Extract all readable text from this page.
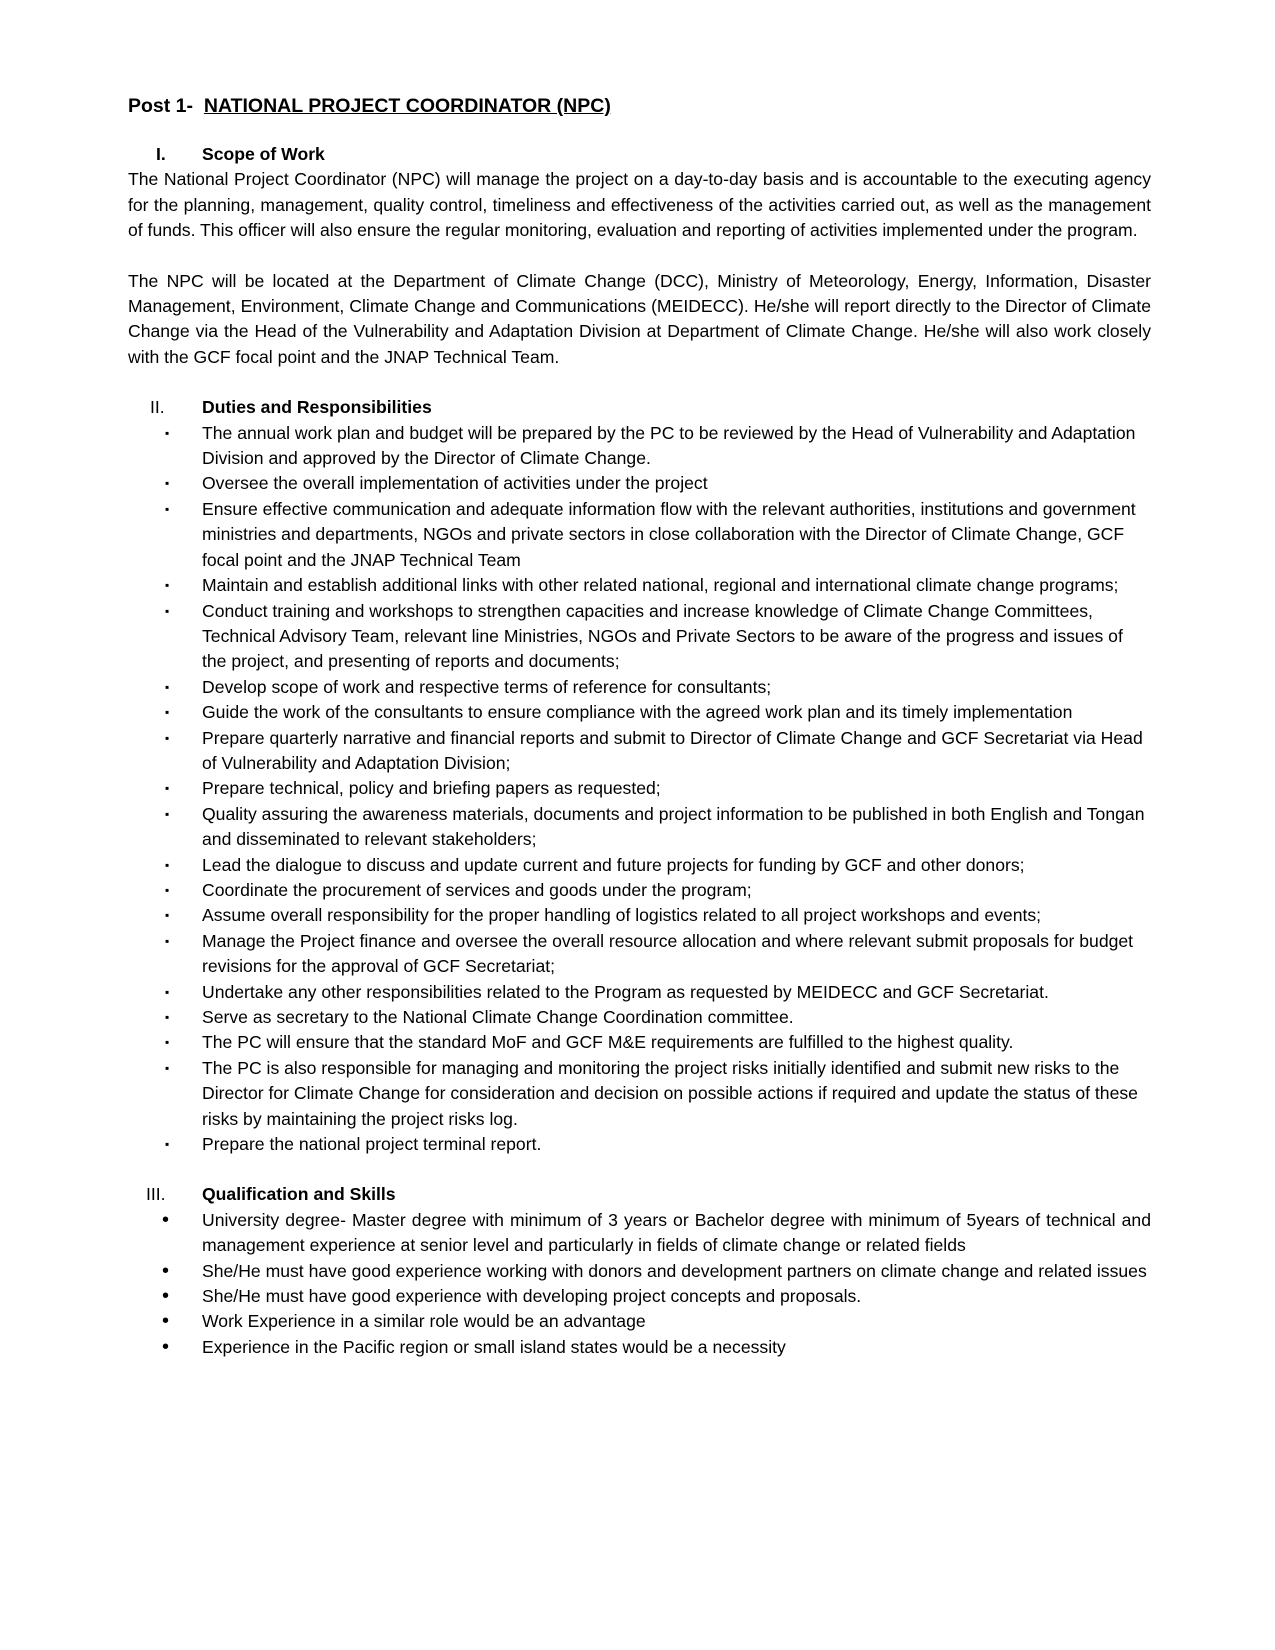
Post 1- NATIONAL PROJECT COORDINATOR (NPC)
I.	Scope of Work

The National Project Coordinator (NPC) will manage the project on a day-to-day basis and is accountable to the executing agency for the planning, management, quality control, timeliness and effectiveness of the activities carried out, as well as the management of funds. This officer will also ensure the regular monitoring, evaluation and reporting of activities implemented under the program.

The NPC will be located at the Department of Climate Change (DCC), Ministry of Meteorology, Energy, Information, Disaster Management, Environment, Climate Change and Communications (MEIDECC). He/she will report directly to the Director of Climate Change via the Head of the Vulnerability and Adaptation Division at Department of Climate Change. He/she will also work closely with the GCF focal point and the JNAP Technical Team.

II.	Duties and Responsibilities
▪	The annual work plan and budget will be prepared by the PC to be reviewed by the Head of Vulnerability and Adaptation Division and approved by the Director of Climate Change.
▪	Oversee the overall implementation of activities under the project
▪	Ensure effective communication and adequate information flow with the relevant authorities, institutions and government ministries and departments, NGOs and private sectors in close collaboration with the Director of Climate Change, GCF focal point and the JNAP Technical Team
▪	Maintain and establish additional links with other related national, regional and international climate change programs;
▪	Conduct training and workshops to strengthen capacities and increase knowledge of Climate Change Committees, Technical Advisory Team, relevant line Ministries, NGOs and Private Sectors to be aware of the progress and issues of the project, and presenting of reports and documents;
▪	Develop scope of work and respective terms of reference for consultants;
▪	Guide the work of the consultants to ensure compliance with the agreed work plan and its timely implementation
▪	Prepare quarterly narrative and financial reports and submit to Director of Climate Change and GCF Secretariat via Head of Vulnerability and Adaptation Division;
▪	Prepare technical, policy and briefing papers as requested;
▪	Quality assuring the awareness materials, documents and project information to be published in both English and Tongan and disseminated to relevant stakeholders;
▪	Lead the dialogue to discuss and update current and future projects for funding by GCF and other donors;
▪	Coordinate the procurement of services and goods under the program;
▪	Assume overall responsibility for the proper handling of logistics related to all project workshops and events;
▪	Manage the Project finance and oversee the overall resource allocation and where relevant submit proposals for budget revisions for the approval of GCF Secretariat;
▪	Undertake any other responsibilities related to the Program as requested by MEIDECC and GCF Secretariat.
▪	Serve as secretary to the National Climate Change Coordination committee.
▪	The PC will ensure that the standard MoF and GCF M&E requirements are fulfilled to the highest quality.
▪	The PC is also responsible for managing and monitoring the project risks initially identified and submit new risks to the Director for Climate Change for consideration and decision on possible actions if required and update the status of these risks by maintaining the project risks log.
▪	Prepare the national project terminal report.
III.	Qualification and Skills
•	University degree- Master degree with minimum of 3 years or Bachelor degree with minimum of 5years of technical and management experience at senior level and particularly in fields of climate change or related fields
•	She/He must have good experience working with donors and development partners on climate change and related issues
•	She/He must have good experience with developing project concepts and proposals.
•	Work Experience in a similar role would be an advantage
•	Experience in the Pacific region or small island states would be a necessity
